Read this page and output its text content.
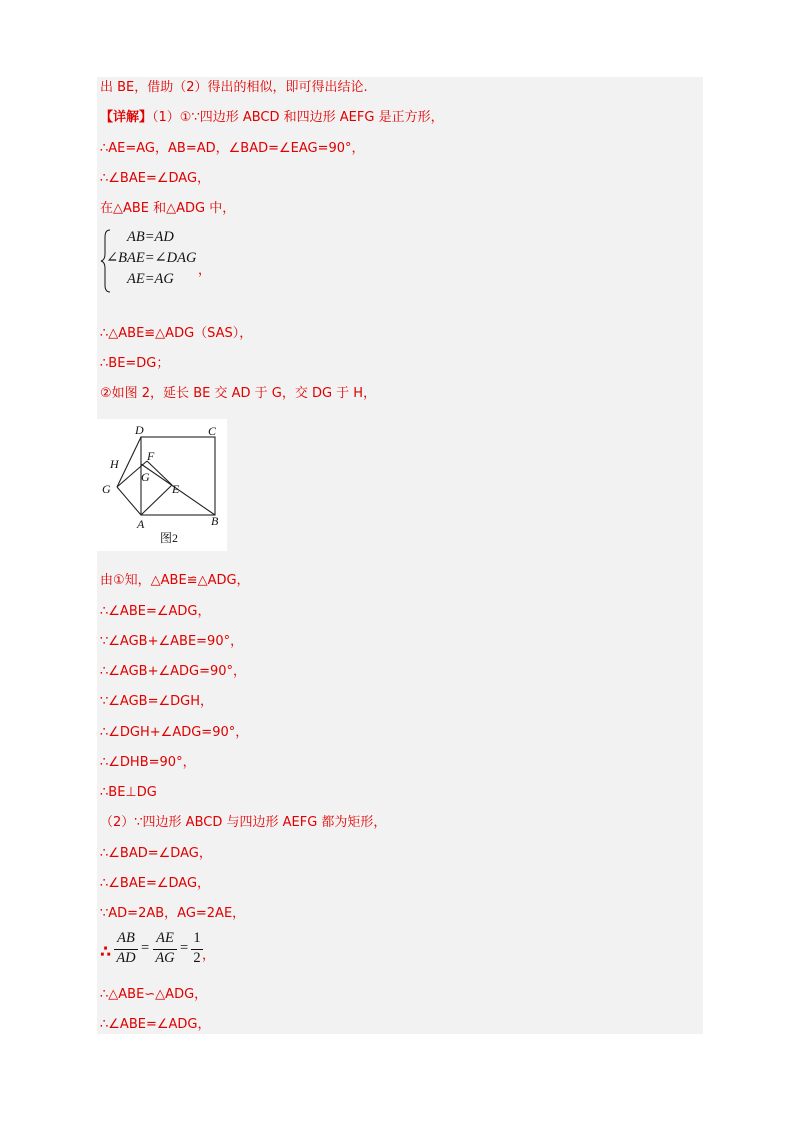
出 BE，借助（2）得出的相似，即可得出结论.
【详解】（1）①∵四边形 ABCD 和四边形 AEFG 是正方形，
∴AE=AG，AB=AD，∠BAD=∠EAG=90°，
∴∠BAE=∠DAG，
在△ABE 和△ADG 中，
AB=AD
∠BAE=∠DAG
AE=AG
，
∴△ABE≌△ADG（SAS），
∴BE=DG；
②如图 2，延长 BE 交 AD 于 G，交 DG 于 H，
D	C
H
F
G
G	E
A	B
图2
由①知，△ABE≌△ADG，
∴∠ABE=∠ADG，
∵∠AGB+∠ABE=90°，
∴∠AGB+∠ADG=90°，
∵∠AGB=∠DGH，
∴∠DGH+∠ADG=90°，
∴∠DHB=90°，
∴BE⊥DG
（2）∵四边形 ABCD 与四边形 AEFG 都为矩形，
∴∠BAD=∠DAG，
∴∠BAE=∠DAG，
∵AD=2AB，AG=2AE，
∴
AB
AD
=
AE
AG
=
1
2 ，
∴△ABE∽△ADG，
∴∠ABE=∠ADG，
